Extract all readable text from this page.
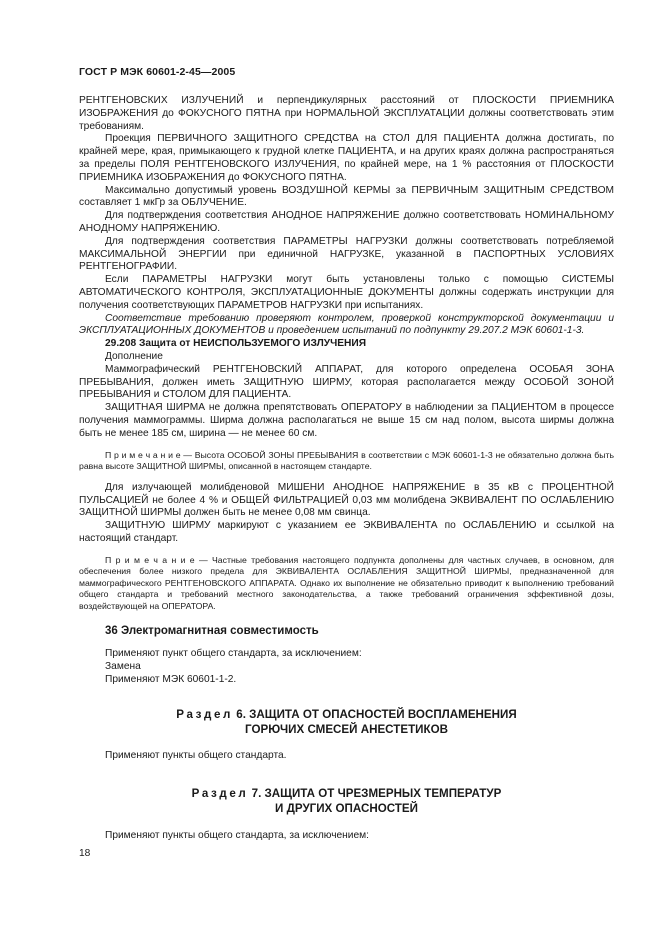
ГОСТ Р МЭК 60601-2-45—2005

РЕНТГЕНОВСКИХ ИЗЛУЧЕНИЙ и перпендикулярных расстояний от ПЛОСКОСТИ ПРИЕМНИКА ИЗОБРАЖЕНИЯ до ФОКУСНОГО ПЯТНА при НОРМАЛЬНОЙ ЭКСПЛУАТАЦИИ должны соответствовать этим требованиям.

Проекция ПЕРВИЧНОГО ЗАЩИТНОГО СРЕДСТВА на СТОЛ ДЛЯ ПАЦИЕНТА должна достигать, по крайней мере, края, примыкающего к грудной клетке ПАЦИЕНТА, и на других краях должна распространяться за пределы ПОЛЯ РЕНТГЕНОВСКОГО ИЗЛУЧЕНИЯ, по крайней мере, на 1 % расстояния от ПЛОСКОСТИ ПРИЕМНИКА ИЗОБРАЖЕНИЯ до ФОКУСНОГО ПЯТНА.

Максимально допустимый уровень ВОЗДУШНОЙ КЕРМЫ за ПЕРВИЧНЫМ ЗАЩИТНЫМ СРЕДСТВОМ составляет 1 мкГр за ОБЛУЧЕНИЕ.

Для подтверждения соответствия АНОДНОЕ НАПРЯЖЕНИЕ должно соответствовать НОМИНАЛЬНОМУ АНОДНОМУ НАПРЯЖЕНИЮ.

Для подтверждения соответствия ПАРАМЕТРЫ НАГРУЗКИ должны соответствовать потребляемой МАКСИМАЛЬНОЙ ЭНЕРГИИ при единичной НАГРУЗКЕ, указанной в ПАСПОРТНЫХ УСЛОВИЯХ РЕНТГЕНОГРАФИИ.

Если ПАРАМЕТРЫ НАГРУЗКИ могут быть установлены только с помощью СИСТЕМЫ АВТОМАТИЧЕСКОГО КОНТРОЛЯ, ЭКСПЛУАТАЦИОННЫЕ ДОКУМЕНТЫ должны содержать инструкции для получения соответствующих ПАРАМЕТРОВ НАГРУЗКИ при испытаниях.

Соответствие требованию проверяют контролем, проверкой конструкторской документации и ЭКСПЛУАТАЦИОННЫХ ДОКУМЕНТОВ и проведением испытаний по подпункту 29.207.2 МЭК 60601-1-3.

29.208 Защита от НЕИСПОЛЬЗУЕМОГО ИЗЛУЧЕНИЯ

Дополнение

Маммографический РЕНТГЕНОВСКИЙ АППАРАТ, для которого определена ОСОБАЯ ЗОНА ПРЕБЫВАНИЯ, должен иметь ЗАЩИТНУЮ ШИРМУ, которая располагается между ОСОБОЙ ЗОНОЙ ПРЕБЫВАНИЯ и СТОЛОМ ДЛЯ ПАЦИЕНТА.

ЗАЩИТНАЯ ШИРМА не должна препятствовать ОПЕРАТОРУ в наблюдении за ПАЦИЕНТОМ в процессе получения маммограммы. Ширма должна располагаться не выше 15 см над полом, высота ширмы должна быть не менее 185 см, ширина — не менее 60 см.

П р и м е ч а н и е — Высота ОСОБОЙ ЗОНЫ ПРЕБЫВАНИЯ в соответствии с МЭК 60601-1-3 не обязательно должна быть равна высоте ЗАЩИТНОЙ ШИРМЫ, описанной в настоящем стандарте.

Для излучающей молибденовой МИШЕНИ АНОДНОЕ НАПРЯЖЕНИЕ в 35 кВ с ПРОЦЕНТНОЙ ПУЛЬСАЦИЕЙ не более 4 % и ОБЩЕЙ ФИЛЬТРАЦИЕЙ 0,03 мм молибдена ЭКВИВАЛЕНТ ПО ОСЛАБЛЕНИЮ ЗАЩИТНОЙ ШИРМЫ должен быть не менее 0,08 мм свинца.

ЗАЩИТНУЮ ШИРМУ маркируют с указанием ее ЭКВИВАЛЕНТА по ОСЛАБЛЕНИЮ и ссылкой на настоящий стандарт.

П р и м е ч а н и е — Частные требования настоящего подпункта дополнены для частных случаев, в основном, для обеспечения более низкого предела для ЭКВИВАЛЕНТА ОСЛАБЛЕНИЯ ЗАЩИТНОЙ ШИРМЫ, предназначенной для маммографического РЕНТГЕНОВСКОГО АППАРАТА. Однако их выполнение не обязательно приводит к выполнению требований общего стандарта и требований местного законодательства, а также требований ограничения эффективной дозы, воздействующей на ОПЕРАТОРА.

36 Электромагнитная совместимость

Применяют пункт общего стандарта, за исключением:

Замена

Применяют МЭК 60601-1-2.

Раздел 6. ЗАЩИТА ОТ ОПАСНОСТЕЙ ВОСПЛАМЕНЕНИЯ

ГОРЮЧИХ СМЕСЕЙ АНЕСТЕТИКОВ

Применяют пункты общего стандарта.

Раздел 7. ЗАЩИТА ОТ ЧРЕЗМЕРНЫХ ТЕМПЕРАТУР

И ДРУГИХ ОПАСНОСТЕЙ

Применяют пункты общего стандарта, за исключением:

18
